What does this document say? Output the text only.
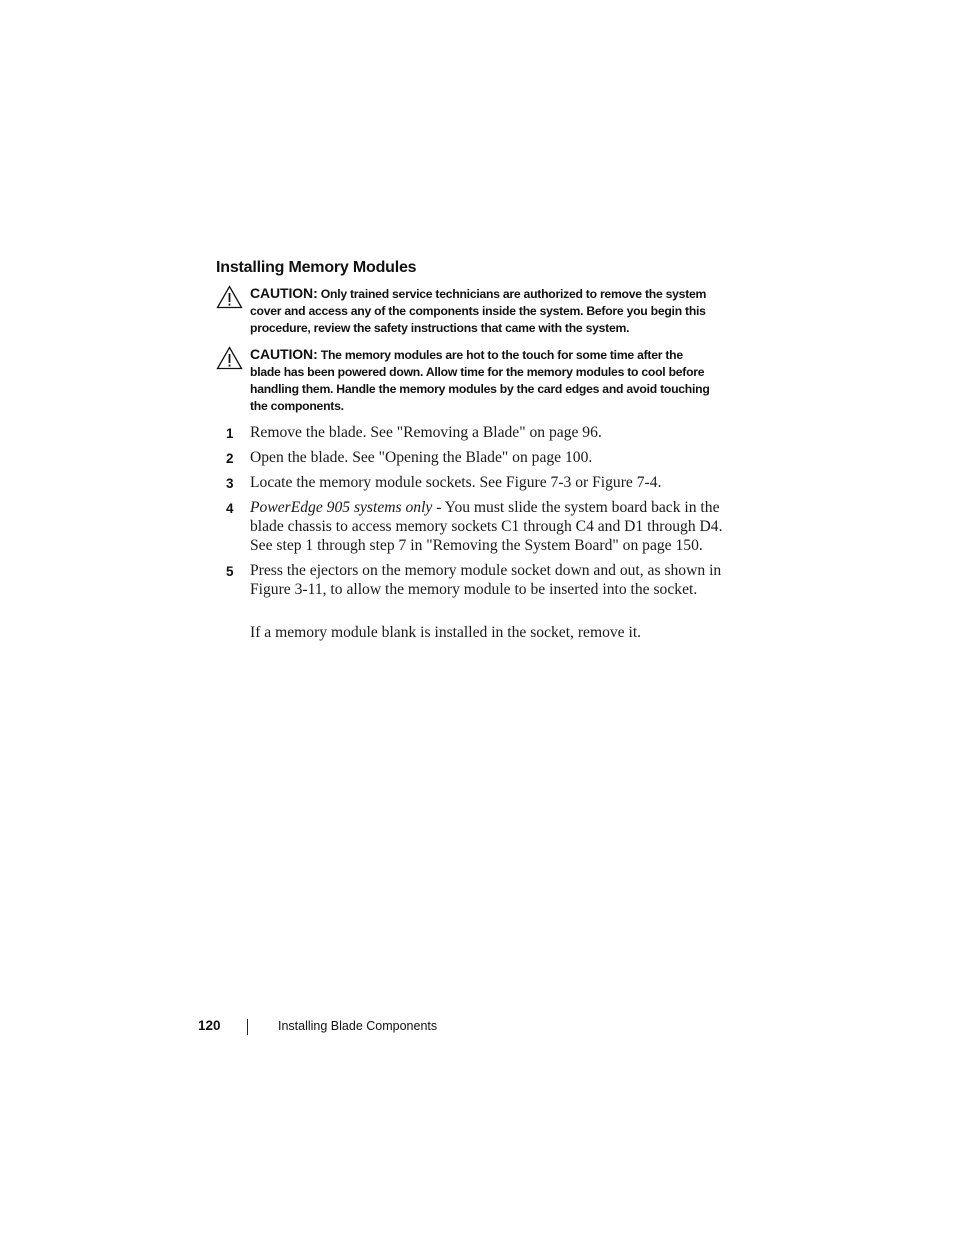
Installing Memory Modules
CAUTION: Only trained service technicians are authorized to remove the system cover and access any of the components inside the system. Before you begin this procedure, review the safety instructions that came with the system.
CAUTION: The memory modules are hot to the touch for some time after the blade has been powered down. Allow time for the memory modules to cool before handling them. Handle the memory modules by the card edges and avoid touching the components.
1 Remove the blade. See "Removing a Blade" on page 96.
2 Open the blade. See "Opening the Blade" on page 100.
3 Locate the memory module sockets. See Figure 7-3 or Figure 7-4.
4 PowerEdge 905 systems only - You must slide the system board back in the blade chassis to access memory sockets C1 through C4 and D1 through D4. See step 1 through step 7 in "Removing the System Board" on page 150.
5 Press the ejectors on the memory module socket down and out, as shown in Figure 3-11, to allow the memory module to be inserted into the socket.

If a memory module blank is installed in the socket, remove it.

120	Installing Blade Components
